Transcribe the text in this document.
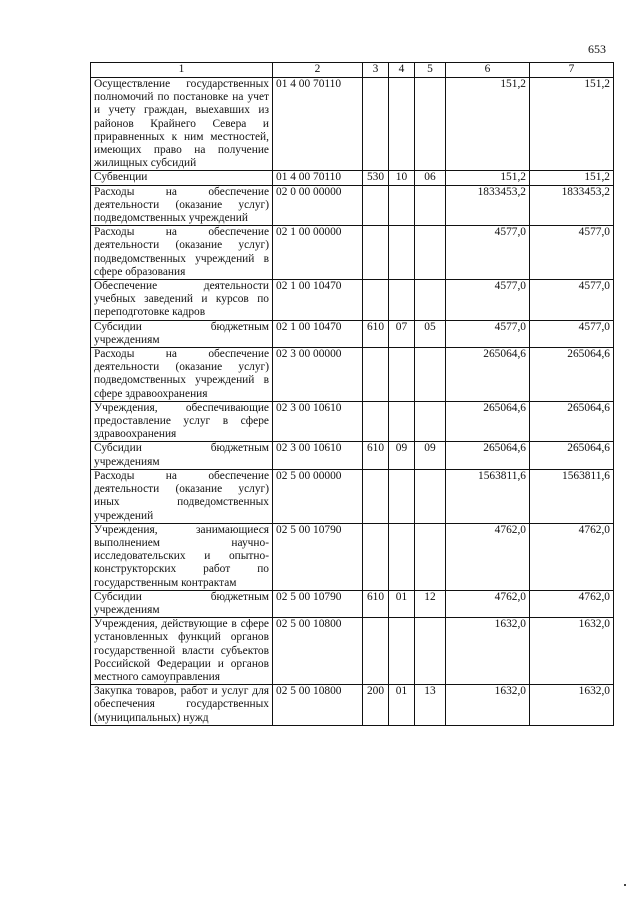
653
1	2	3	4	5	6	7
Осуществление государственных полномочий по постановке на учет и учету граждан, выехавших из районов Крайнего Севера и приравненных к ним местностей, имеющих право на получение жилищных субсидий	01 4 00 70110				151,2	151,2
Субвенции	01 4 00 70110	530	10	06	151,2	151,2
Расходы на обеспечение деятельности (оказание услуг) подведомственных учреждений	02 0 00 00000				1833453,2	1833453,2
Расходы на обеспечение деятельности (оказание услуг) подведомственных учреждений в сфере образования	02 1 00 00000				4577,0	4577,0
Обеспечение деятельности учебных заведений и курсов по переподготовке кадров	02 1 00 10470				4577,0	4577,0
Субсидии бюджетным учреждениям	02 1 00 10470	610	07	05	4577,0	4577,0
Расходы на обеспечение деятельности (оказание услуг) подведомственных учреждений в сфере здравоохранения	02 3 00 00000				265064,6	265064,6
Учреждения, обеспечивающие предоставление услуг в сфере здравоохранения	02 3 00 10610				265064,6	265064,6
Субсидии бюджетным учреждениям	02 3 00 10610	610	09	09	265064,6	265064,6
Расходы на обеспечение деятельности (оказание услуг) иных подведомственных учреждений	02 5 00 00000				1563811,6	1563811,6
Учреждения, занимающиеся выполнением научно-исследовательских и опытно-конструкторских работ по государственным контрактам	02 5 00 10790				4762,0	4762,0
Субсидии бюджетным учреждениям	02 5 00 10790	610	01	12	4762,0	4762,0
Учреждения, действующие в сфере установленных функций органов государственной власти субъектов Российской Федерации и органов местного самоуправления	02 5 00 10800				1632,0	1632,0
Закупка товаров, работ и услуг для обеспечения государственных (муниципальных) нужд	02 5 00 10800	200	01	13	1632,0	1632,0
